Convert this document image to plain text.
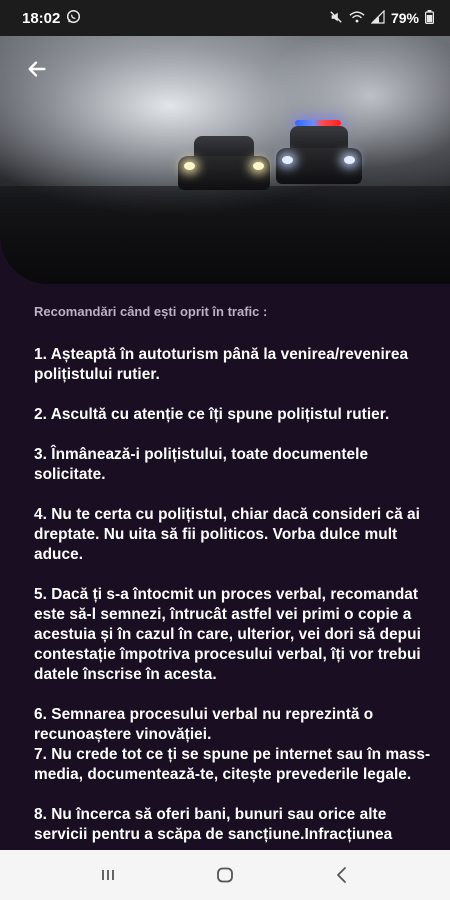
18:02	79%
Recomandări când ești oprit în trafic :
1. Așteaptă în autoturism până la venirea/revenirea polițistului rutier.
2. Ascultă cu atenție ce îți spune polițistul rutier.
3. Înmânează-i polițistului, toate documentele solicitate.
4. Nu te certa cu polițistul, chiar dacă consideri că ai dreptate. Nu uita să fii politicos. Vorba dulce mult aduce.
5. Dacă ți s-a întocmit un proces verbal, recomandat este să-l semnezi, întrucât astfel vei primi o copie a acestuia și în cazul în care, ulterior, vei dori să depui contestație împotriva procesului verbal, îți vor trebui datele înscrise în acesta.
6. Semnarea procesului verbal nu reprezintă o recunoaștere vinovăției.
7. Nu crede tot ce ți se spune pe internet sau în mass-media, documentează-te, citește prevederile legale.
8. Nu încerca să oferi bani, bunuri sau orice alte servicii pentru a scăpa de sancțiune.Infracțiunea
